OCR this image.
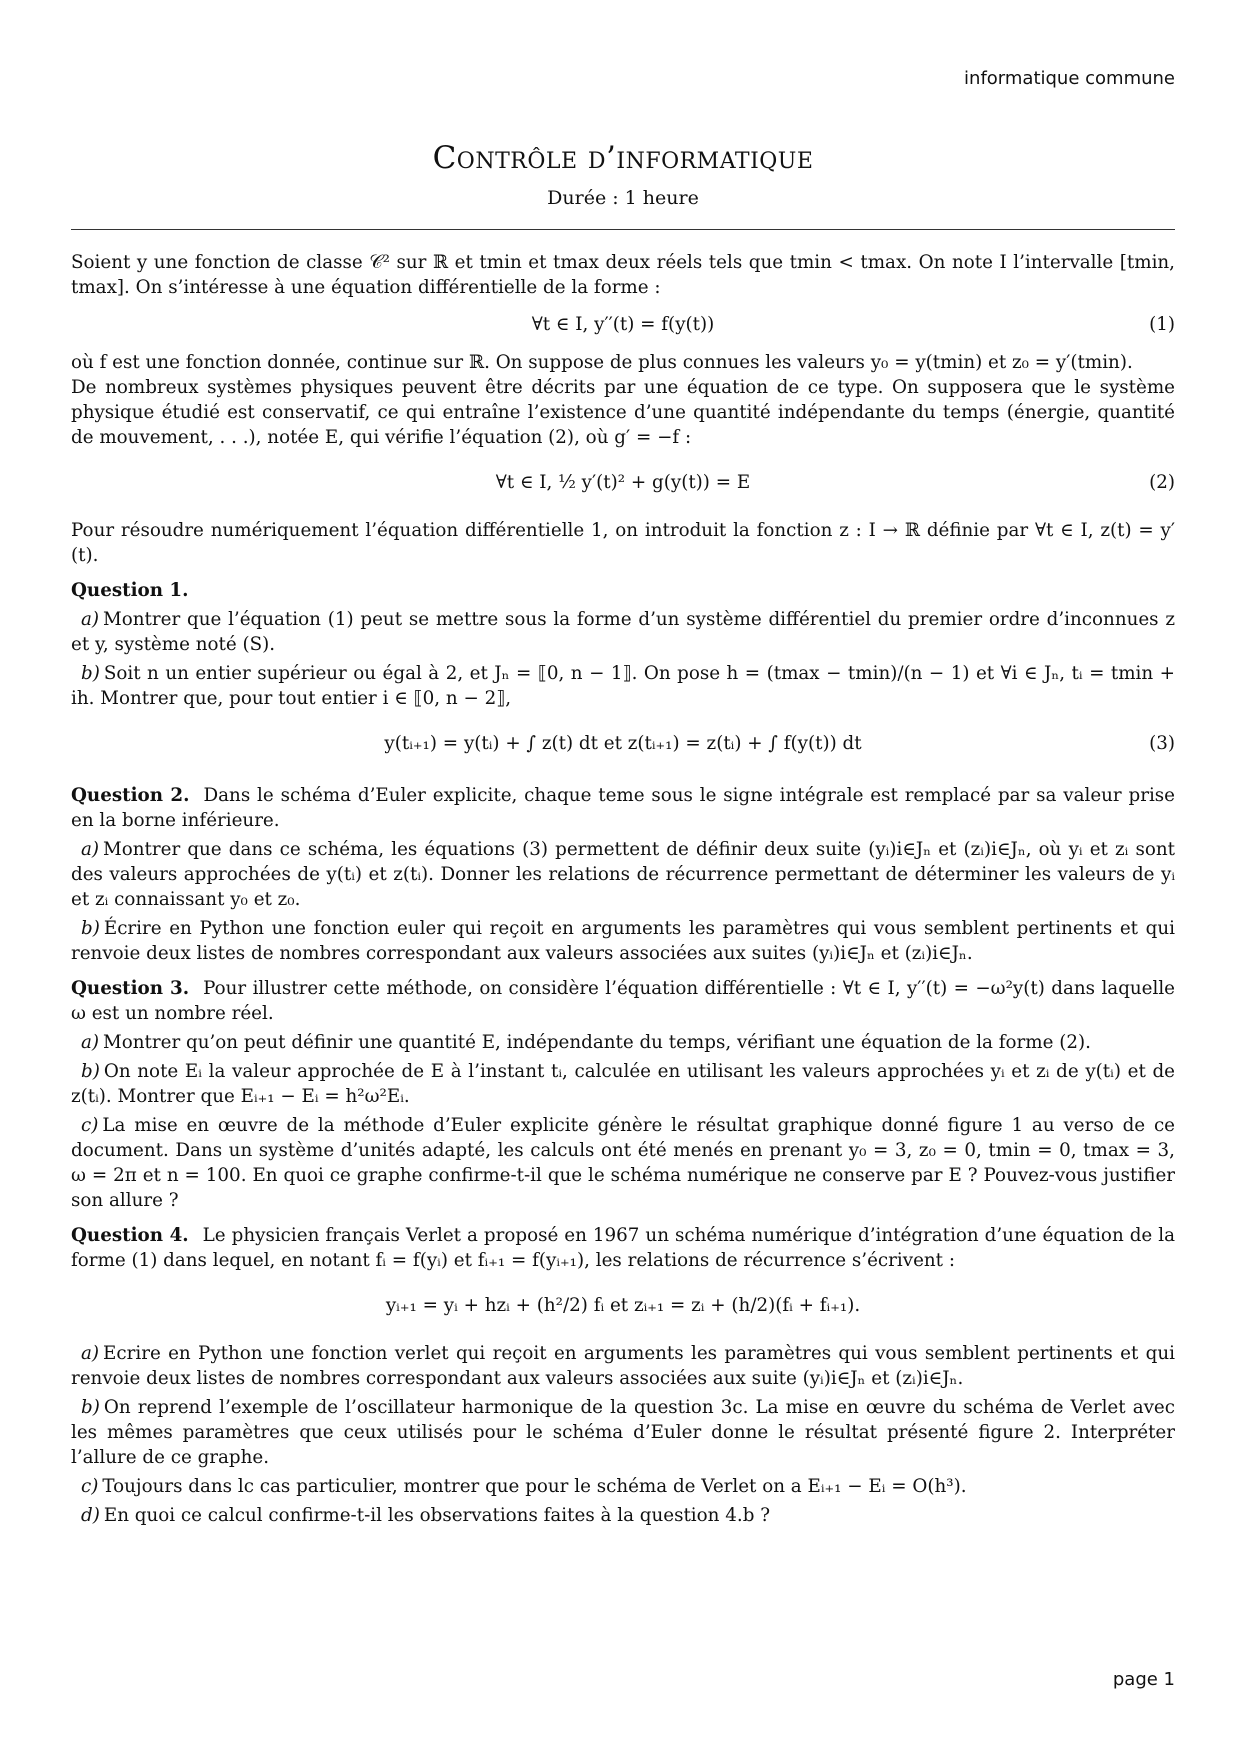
informatique commune
Contrôle d’informatique
Durée : 1 heure

Soient y une fonction de classe 𝒞² sur ℝ et tmin et tmax deux réels tels que tmin < tmax. On note I l’intervalle [tmin, tmax]. On s’intéresse à une équation différentielle de la forme :

∀t ∈ I, y′′(t) = f(y(t))	(1)

où f est une fonction donnée, continue sur ℝ. On suppose de plus connues les valeurs y₀ = y(tmin) et z₀ = y′(tmin).

De nombreux systèmes physiques peuvent être décrits par une équation de ce type. On supposera que le système physique étudié est conservatif, ce qui entraîne l’existence d’une quantité indépendante du temps (énergie, quantité de mouvement, . . .), notée E, qui vérifie l’équation (2), où g′ = −f :

∀t ∈ I, ½ y′(t)² + g(y(t)) = E	(2)

Pour résoudre numériquement l’équation différentielle 1, on introduit la fonction z : I → ℝ définie par ∀t ∈ I, z(t) = y′(t).

Question 1.

a) Montrer que l’équation (1) peut se mettre sous la forme d’un système différentiel du premier ordre d’inconnues z et y, système noté (S).

b) Soit n un entier supérieur ou égal à 2, et Jₙ = ⟦0, n − 1⟧. On pose h = (tmax − tmin)/(n − 1) et ∀i ∈ Jₙ, tᵢ = tmin + ih. Montrer que, pour tout entier i ∈ ⟦0, n − 2⟧,

y(tᵢ₊₁) = y(tᵢ) + ∫ z(t) dt et z(tᵢ₊₁) = z(tᵢ) + ∫ f(y(t)) dt	(3)

Question 2. Dans le schéma d’Euler explicite, chaque teme sous le signe intégrale est remplacé par sa valeur prise en la borne inférieure.

a) Montrer que dans ce schéma, les équations (3) permettent de définir deux suite (yᵢ)i∈Jₙ et (zᵢ)i∈Jₙ, où yᵢ et zᵢ sont des valeurs approchées de y(tᵢ) et z(tᵢ). Donner les relations de récurrence permettant de déterminer les valeurs de yᵢ et zᵢ connaissant y₀ et z₀.

b) Écrire en Python une fonction euler qui reçoit en arguments les paramètres qui vous semblent pertinents et qui renvoie deux listes de nombres correspondant aux valeurs associées aux suites (yᵢ)i∈Jₙ et (zᵢ)i∈Jₙ.

Question 3. Pour illustrer cette méthode, on considère l’équation différentielle : ∀t ∈ I, y′′(t) = −ω²y(t) dans laquelle ω est un nombre réel.

a) Montrer qu’on peut définir une quantité E, indépendante du temps, vérifiant une équation de la forme (2).

b) On note Eᵢ la valeur approchée de E à l’instant tᵢ, calculée en utilisant les valeurs approchées yᵢ et zᵢ de y(tᵢ) et de z(tᵢ). Montrer que Eᵢ₊₁ − Eᵢ = h²ω²Eᵢ.

c) La mise en œuvre de la méthode d’Euler explicite génère le résultat graphique donné figure 1 au verso de ce document. Dans un système d’unités adapté, les calculs ont été menés en prenant y₀ = 3, z₀ = 0, tmin = 0, tmax = 3, ω = 2π et n = 100. En quoi ce graphe confirme-t-il que le schéma numérique ne conserve par E ? Pouvez-vous justifier son allure ?

Question 4. Le physicien français Verlet a proposé en 1967 un schéma numérique d’intégration d’une équation de la forme (1) dans lequel, en notant fᵢ = f(yᵢ) et fᵢ₊₁ = f(yᵢ₊₁), les relations de récurrence s’écrivent :

yᵢ₊₁ = yᵢ + hzᵢ + (h²/2) fᵢ et zᵢ₊₁ = zᵢ + (h/2)(fᵢ + fᵢ₊₁).

a) Ecrire en Python une fonction verlet qui reçoit en arguments les paramètres qui vous semblent pertinents et qui renvoie deux listes de nombres correspondant aux valeurs associées aux suite (yᵢ)i∈Jₙ et (zᵢ)i∈Jₙ.

b) On reprend l’exemple de l’oscillateur harmonique de la question 3c. La mise en œuvre du schéma de Verlet avec les mêmes paramètres que ceux utilisés pour le schéma d’Euler donne le résultat présenté figure 2. Interpréter l’allure de ce graphe.

c) Toujours dans lc cas particulier, montrer que pour le schéma de Verlet on a Eᵢ₊₁ − Eᵢ = O(h³).

d) En quoi ce calcul confirme-t-il les observations faites à la question 4.b ?

page 1
